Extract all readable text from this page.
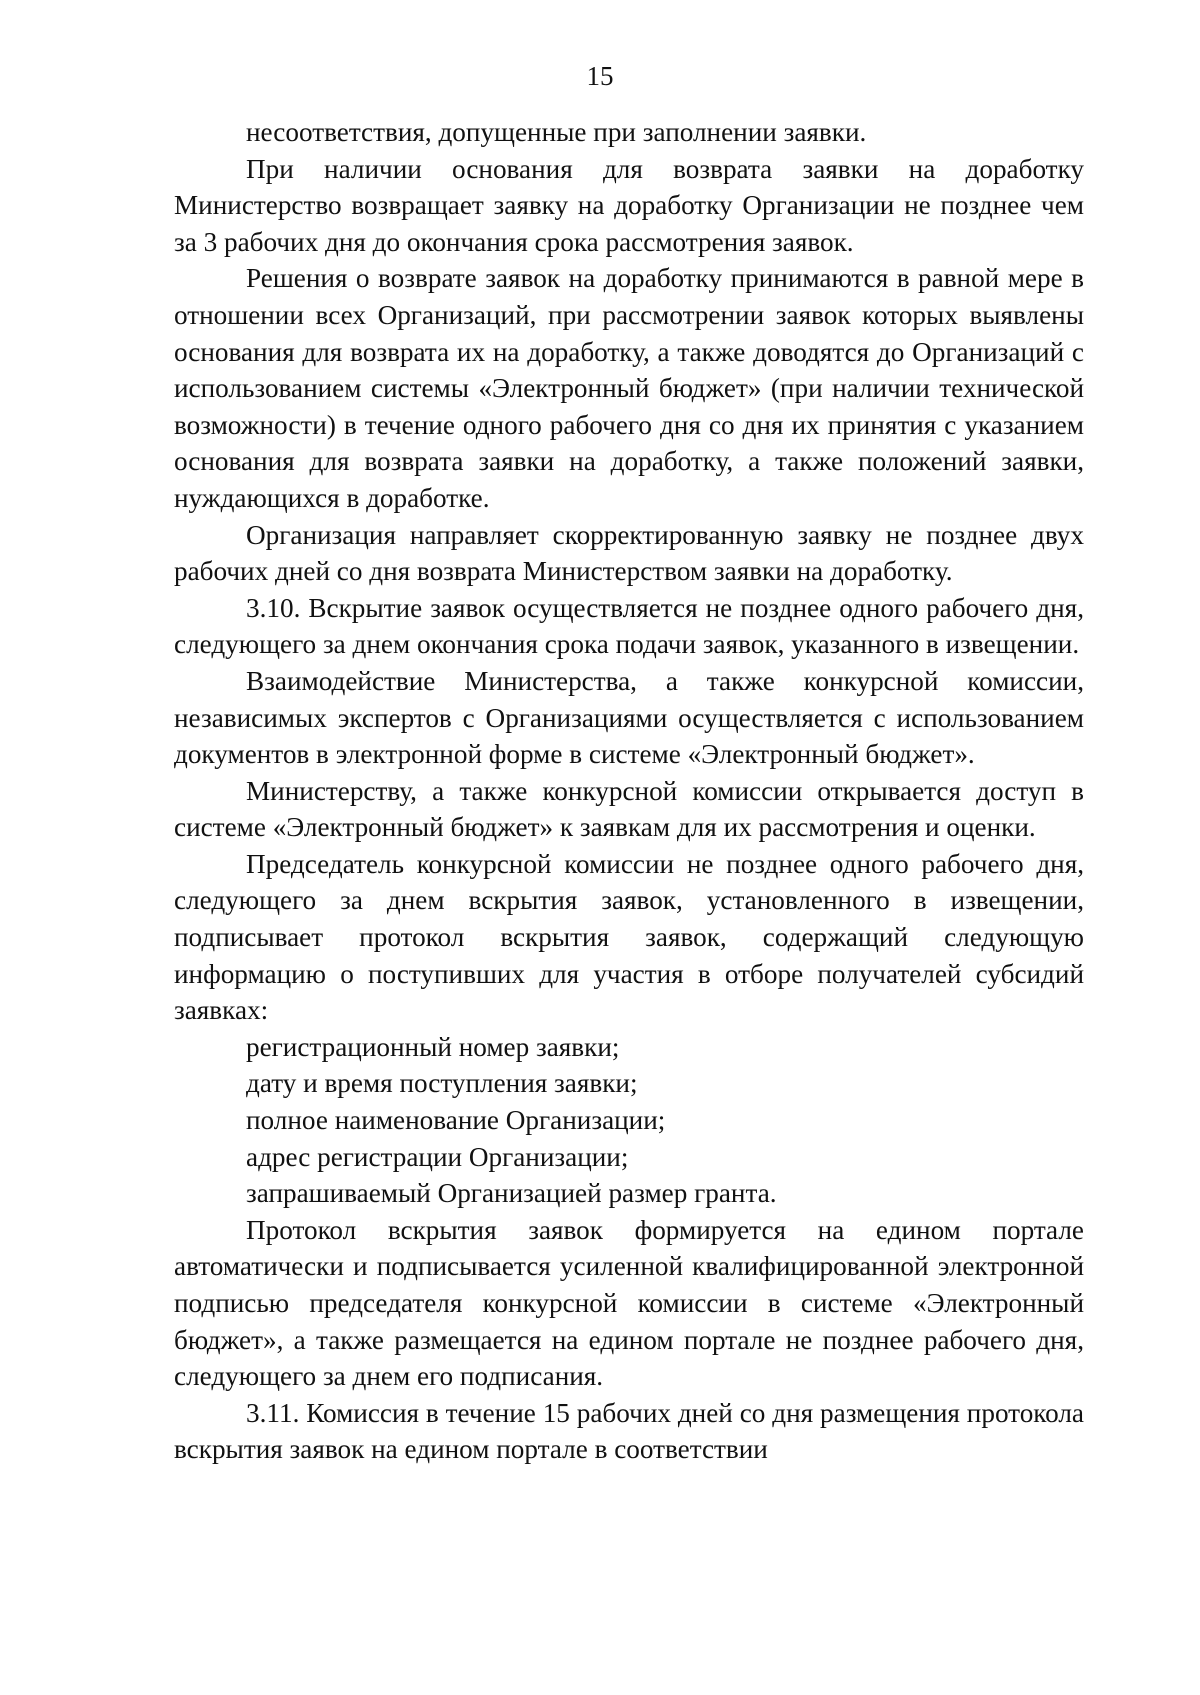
15

несоответствия, допущенные при заполнении заявки.

При наличии основания для возврата заявки на доработку Министерство возвращает заявку на доработку Организации не позднее чем за 3 рабочих дня до окончания срока рассмотрения заявок.

Решения о возврате заявок на доработку принимаются в равной мере в отношении всех Организаций, при рассмотрении заявок которых выявлены основания для возврата их на доработку, а также доводятся до Организаций с использованием системы «Электронный бюджет» (при наличии технической возможности) в течение одного рабочего дня со дня их принятия с указанием основания для возврата заявки на доработку, а также положений заявки, нуждающихся в доработке.

Организация направляет скорректированную заявку не позднее двух рабочих дней со дня возврата Министерством заявки на доработку.

3.10. Вскрытие заявок осуществляется не позднее одного рабочего дня, следующего за днем окончания срока подачи заявок, указанного в извещении.

Взаимодействие Министерства, а также конкурсной комиссии, независимых экспертов с Организациями осуществляется с использованием документов в электронной форме в системе «Электронный бюджет».

Министерству, а также конкурсной комиссии открывается доступ в системе «Электронный бюджет» к заявкам для их рассмотрения и оценки.

Председатель конкурсной комиссии не позднее одного рабочего дня, следующего за днем вскрытия заявок, установленного в извещении, подписывает протокол вскрытия заявок, содержащий следующую информацию о поступивших для участия в отборе получателей субсидий заявках:

регистрационный номер заявки;

дату и время поступления заявки;

полное наименование Организации;

адрес регистрации Организации;

запрашиваемый Организацией размер гранта.

Протокол вскрытия заявок формируется на едином портале автоматически и подписывается усиленной квалифицированной электронной подписью председателя конкурсной комиссии в системе «Электронный бюджет», а также размещается на едином портале не позднее рабочего дня, следующего за днем его подписания.

3.11. Комиссия в течение 15 рабочих дней со дня размещения протокола вскрытия заявок на едином портале в соответствии
